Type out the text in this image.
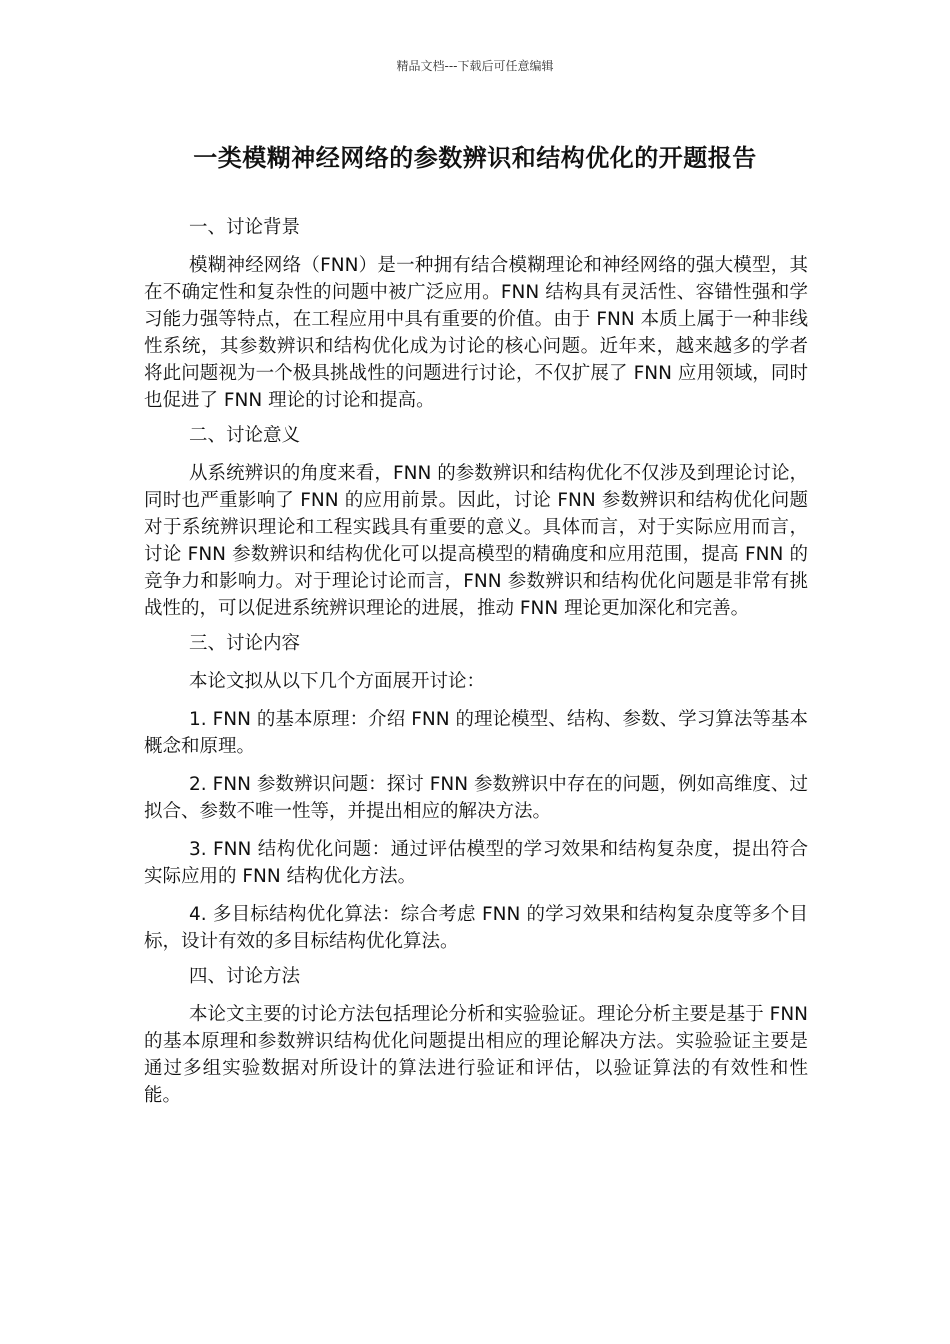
精品文档---下载后可任意编辑
一类模糊神经网络的参数辨识和结构优化的开题报告

一、讨论背景

模糊神经网络（FNN）是一种拥有结合模糊理论和神经网络的强大模型，其在不确定性和复杂性的问题中被广泛应用。FNN 结构具有灵活性、容错性强和学习能力强等特点，在工程应用中具有重要的价值。由于 FNN 本质上属于一种非线性系统，其参数辨识和结构优化成为讨论的核心问题。近年来，越来越多的学者将此问题视为一个极具挑战性的问题进行讨论，不仅扩展了 FNN 应用领域，同时也促进了 FNN 理论的讨论和提高。

二、讨论意义

从系统辨识的角度来看，FNN 的参数辨识和结构优化不仅涉及到理论讨论，同时也严重影响了 FNN 的应用前景。因此，讨论 FNN 参数辨识和结构优化问题对于系统辨识理论和工程实践具有重要的意义。具体而言，对于实际应用而言，讨论 FNN 参数辨识和结构优化可以提高模型的精确度和应用范围，提高 FNN 的竞争力和影响力。对于理论讨论而言，FNN 参数辨识和结构优化问题是非常有挑战性的，可以促进系统辨识理论的进展，推动 FNN 理论更加深化和完善。

三、讨论内容

本论文拟从以下几个方面展开讨论：

1. FNN 的基本原理：介绍 FNN 的理论模型、结构、参数、学习算法等基本概念和原理。

2. FNN 参数辨识问题：探讨 FNN 参数辨识中存在的问题，例如高维度、过拟合、参数不唯一性等，并提出相应的解决方法。

3. FNN 结构优化问题：通过评估模型的学习效果和结构复杂度，提出符合实际应用的 FNN 结构优化方法。

4. 多目标结构优化算法：综合考虑 FNN 的学习效果和结构复杂度等多个目标，设计有效的多目标结构优化算法。

四、讨论方法

本论文主要的讨论方法包括理论分析和实验验证。理论分析主要是基于 FNN 的基本原理和参数辨识结构优化问题提出相应的理论解决方法。实验验证主要是通过多组实验数据对所设计的算法进行验证和评估，以验证算法的有效性和性能。
